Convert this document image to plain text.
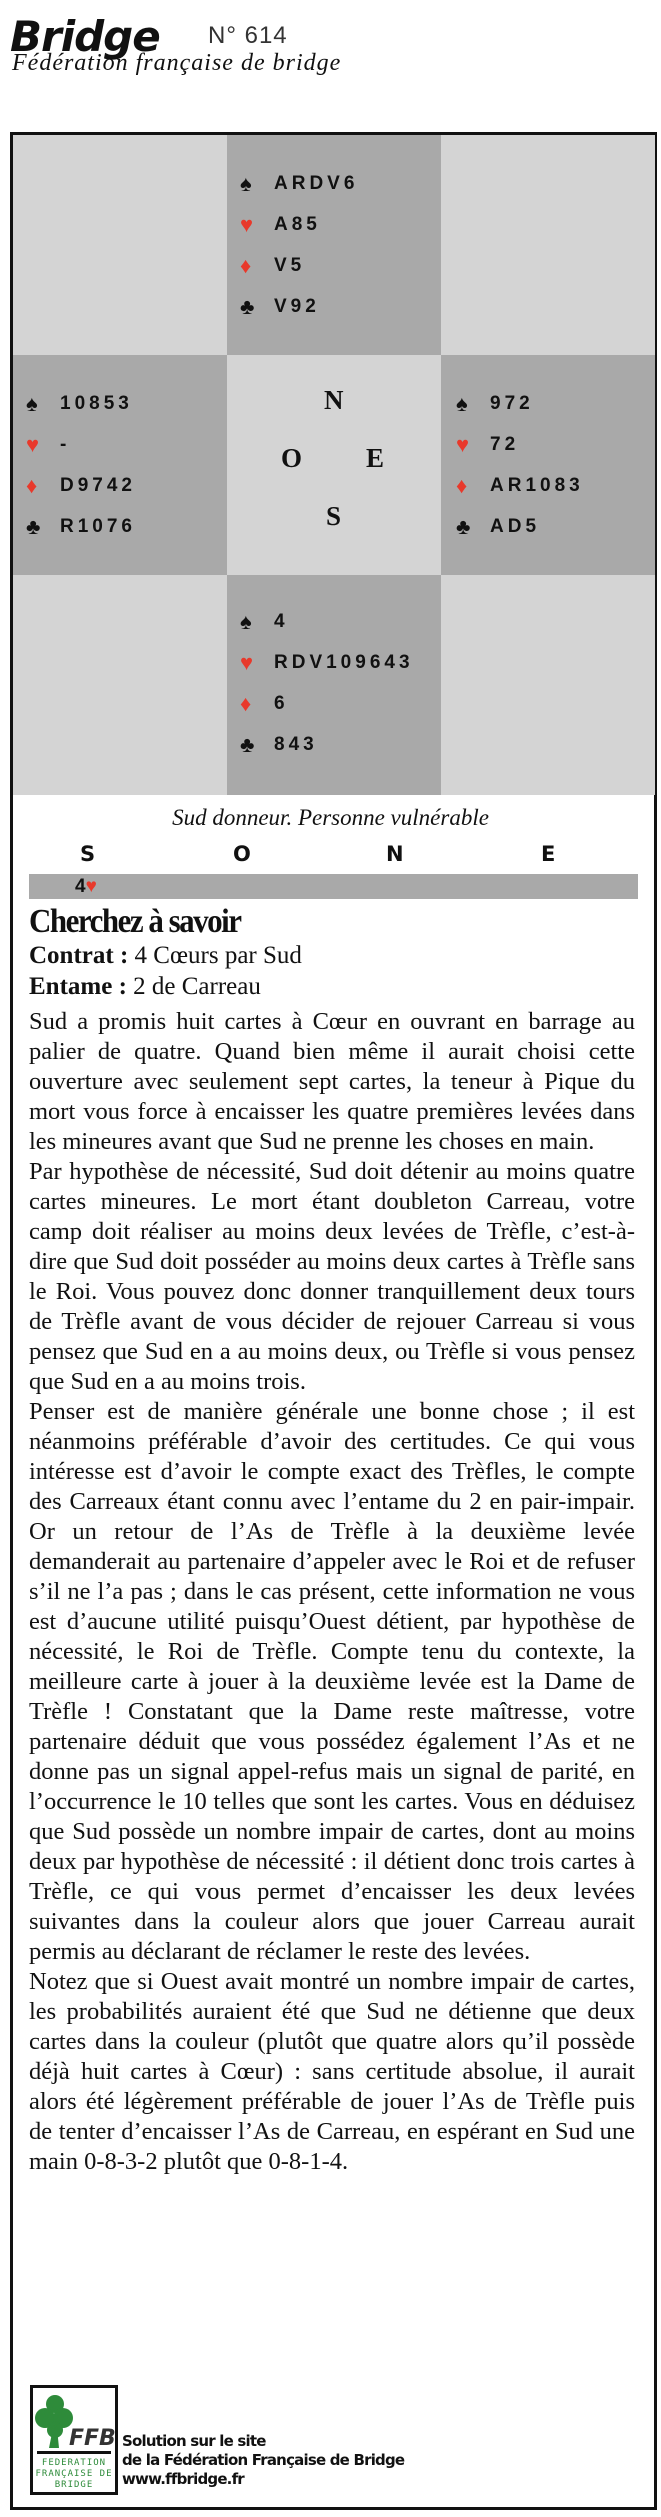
Bridge N° 614
Fédération française de bridge
♠	ARDV6
♥	A85
♦	V5
♣	V92
♠	10853
♥	-
♦	D9742
♣	R1076
♠	972
♥	72
♦	AR1083
♣	AD5
♠	4
♥	RDV109643
♦	6
♣	843
N
O E
S
Sud donneur. Personne vulnérable
S	O	N	E
4♥
Cherchez à savoir
Contrat : 4 Cœurs par Sud
Entame : 2 de Carreau

Sud a promis huit cartes à Cœur en ouvrant en barrage au palier de quatre. Quand bien même il aurait choisi cette ouverture avec seulement sept cartes, la teneur à Pique du mort vous force à encaisser les quatre premières levées dans les mineures avant que Sud ne prenne les choses en main.

Par hypothèse de nécessité, Sud doit détenir au moins quatre cartes mineures. Le mort étant doubleton Carreau, votre camp doit réaliser au moins deux levées de Trèfle, c’est-à-dire que Sud doit posséder au moins deux cartes à Trèfle sans le Roi. Vous pouvez donc donner tranquillement deux tours de Trèfle avant de vous décider de rejouer Carreau si vous pensez que Sud en a au moins deux, ou Trèfle si vous pensez que Sud en a au moins trois.

Penser est de manière générale une bonne chose ; il est néanmoins préférable d’avoir des certitudes. Ce qui vous intéresse est d’avoir le compte exact des Trèfles, le compte des Carreaux étant connu avec l’entame du 2 en pair-impair. Or un retour de l’As de Trèfle à la deuxième levée demanderait au partenaire d’appeler avec le Roi et de refuser s’il ne l’a pas ; dans le cas présent, cette information ne vous est d’aucune utilité puisqu’Ouest détient, par hypothèse de nécessité, le Roi de Trèfle. Compte tenu du contexte, la meilleure carte à jouer à la deuxième levée est la Dame de Trèfle ! Constatant que la Dame reste maîtresse, votre partenaire déduit que vous possédez également l’As et ne donne pas un signal appel-refus mais un signal de parité, en l’occurrence le 10 telles que sont les cartes. Vous en déduisez que Sud possède un nombre impair de cartes, dont au moins deux par hypothèse de nécessité : il détient donc trois cartes à Trèfle, ce qui vous permet d’encaisser les deux levées suivantes dans la couleur alors que jouer Carreau aurait permis au déclarant de réclamer le reste des levées.

Notez que si Ouest avait montré un nombre impair de cartes, les probabilités auraient été que Sud ne détienne que deux cartes dans la couleur (plutôt que quatre alors qu’il possède déjà huit cartes à Cœur) : sans certitude absolue, il aurait alors été légèrement préférable de jouer l’As de Trèfle puis de tenter d’encaisser l’As de Carreau, en espérant en Sud une main 0-8-3-2 plutôt que 0-8-1-4.

FFB
FEDERATION FRANÇAISE DE BRIDGE
Solution sur le site
de la Fédération Française de Bridge
www.ffbridge.fr
